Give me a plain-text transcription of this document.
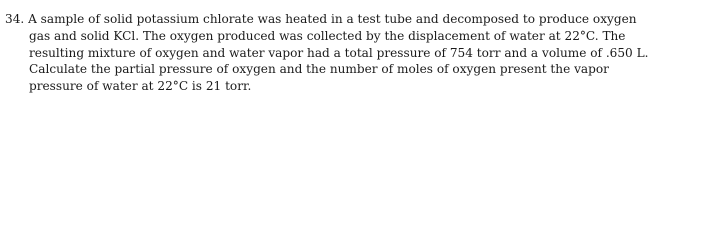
34. A sample of solid potassium chlorate was heated in a test tube and decomposed to produce oxygen
gas and solid KCl. The oxygen produced was collected by the displacement of water at 22°C. The
resulting mixture of oxygen and water vapor had a total pressure of 754 torr and a volume of .650 L.
Calculate the partial pressure of oxygen and the number of moles of oxygen present the vapor
pressure of water at 22°C is 21 torr.
